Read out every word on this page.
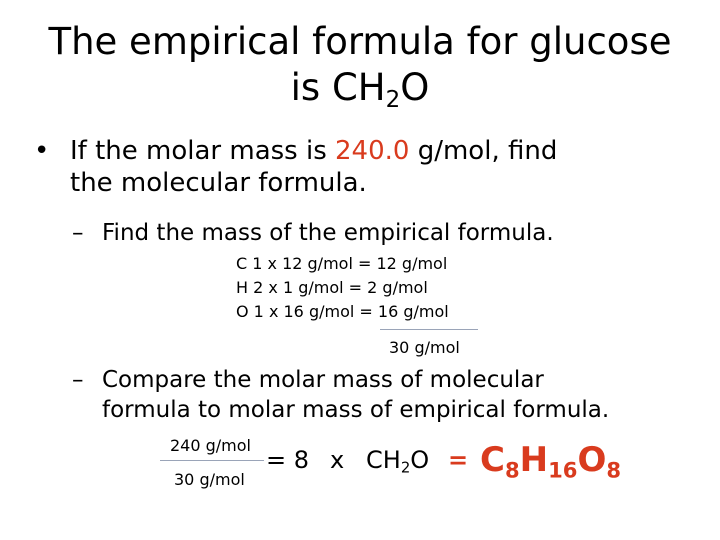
The empirical formula for glucose
is $CH_2O$
• If the molar mass is 240.0 g/mol, find
the molecular formula.
– Find the mass of the empirical formula.
C 1 x 12 g/mol = 12 g/mol
H 2 x 1 g/mol = 2 g/mol
O 1 x 16 g/mol = 16 g/mol
30 g/mol
– Compare the molar mass of molecular
formula to molar mass of empirical formula.
240 g/mol
30 g/mol
= 8 x $CH_2O = C_8H_{16}O_8$
